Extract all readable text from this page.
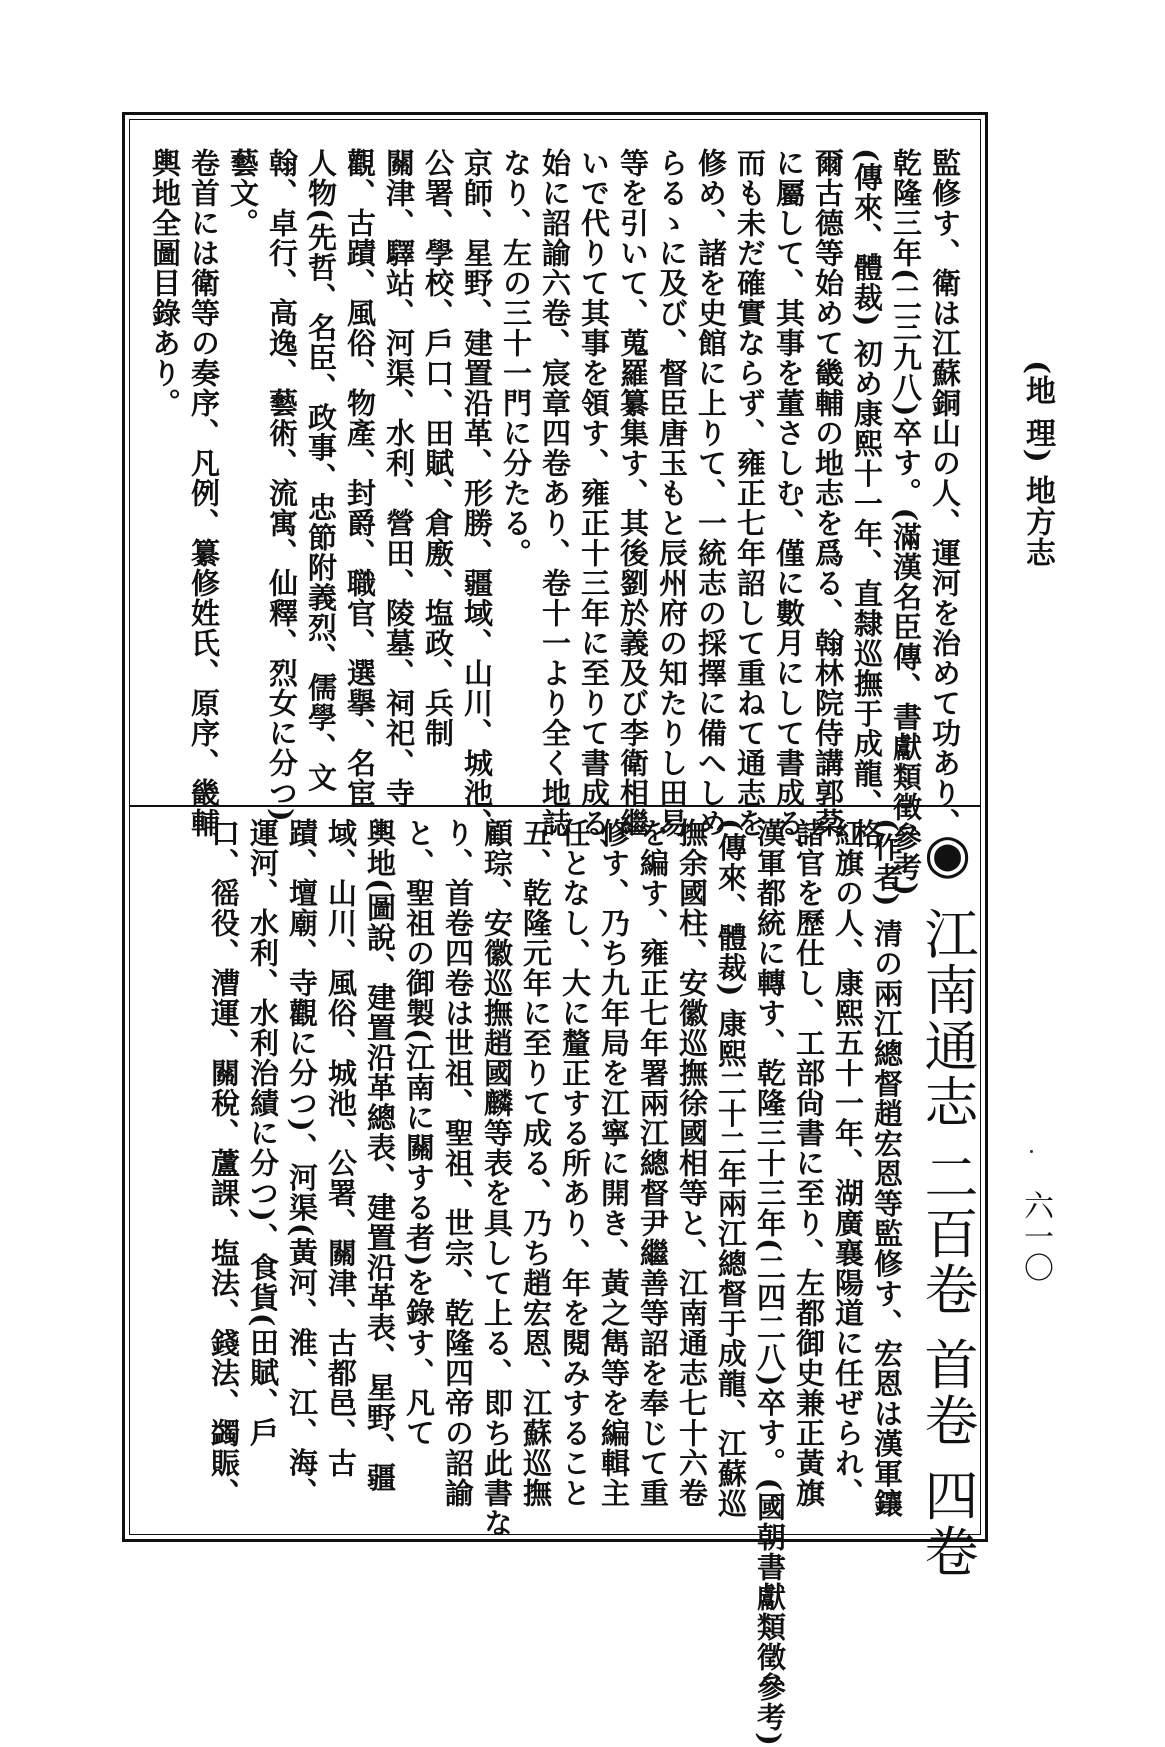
(地 理) 地方志
六一〇
監修す、衛は江蘇銅山の人、運河を治めて功あり、
乾隆三年(二三九八)卒す。(滿漢名臣傳、書獻類徵參考)
(傳來、體裁) 初め康熙十一年、直隸巡撫于成龍、格
爾古德等始めて畿輔の地志を爲る、翰林院侍講郭棻
に屬して、其事を董さしむ、僅に數月にして書成る、
而も未だ確實ならず、雍正七年詔して重ねて通志を
修め、諸を史館に上りて、一統志の採擇に備へしめ
らるゝに及び、督臣唐玉もと辰州府の知たりし田易
等を引いて、蒐羅纂集す、其後劉於義及び李衛相繼
いで代りて其事を領す、雍正十三年に至りて書成る、
始に詔諭六卷、宸章四卷あり、卷十一より全く地誌
なり、左の三十一門に分たる。
京師、星野、建置沿革、形勝、疆域、山川、城池、
公署、學校、戶口、田賦、倉廒、塩政、兵制
關津、驛站、河渠、水利、營田、陵墓、祠祀、寺
觀、古蹟、風俗、物產、封爵、職官、選擧、名宦
人物(先哲、名臣、政事、忠節附義烈、儒學、文
翰、卓行、高逸、藝術、流寓、仙釋、烈女に分つ)
藝文。
卷首には衛等の奏序、凡例、纂修姓氏、原序、畿輔
輿地全圖目錄あり。
◉ 江南通志 二百卷 首卷 四卷
(作者) 清の兩江總督趙宏恩等監修す、宏恩は漢軍鑲
紅旗の人、康熙五十一年、湖廣襄陽道に任ぜられ、
諸官を歷仕し、工部尙書に至り、左都御史兼正黃旗
漢軍都統に轉す、乾隆三十三年(二四二八)卒す。(國朝書獻類徵參考)
(傳來、體裁) 康熙二十二年兩江總督于成龍、江蘇巡
撫余國柱、安徽巡撫徐國相等と、江南通志七十六卷
を編す、雍正七年署兩江總督尹繼善等詔を奉じて重
修す、乃ち九年局を江寧に開き、黃之雋等を編輯主
任となし、大に釐正する所あり、年を閱みすること
五、乾隆元年に至りて成る、乃ち趙宏恩、江蘇巡撫
顧琮、安徽巡撫趙國麟等表を具して上る、即ち此書な
り、首卷四卷は世祖、聖祖、世宗、乾隆四帝の詔諭
と、聖祖の御製(江南に關する者)を錄す、凡て
輿地(圖說、建置沿革總表、建置沿革表、星野、疆
域、山川、風俗、城池、公署、關津、古都邑、古
蹟、壇廟、寺觀に分つ)、河渠(黃河、淮、江、海、
運河、水利、水利治績に分つ)、食貨(田賦、戶
口、徭役、漕運、關稅、蘆課、塩法、錢法、蠲賑、
